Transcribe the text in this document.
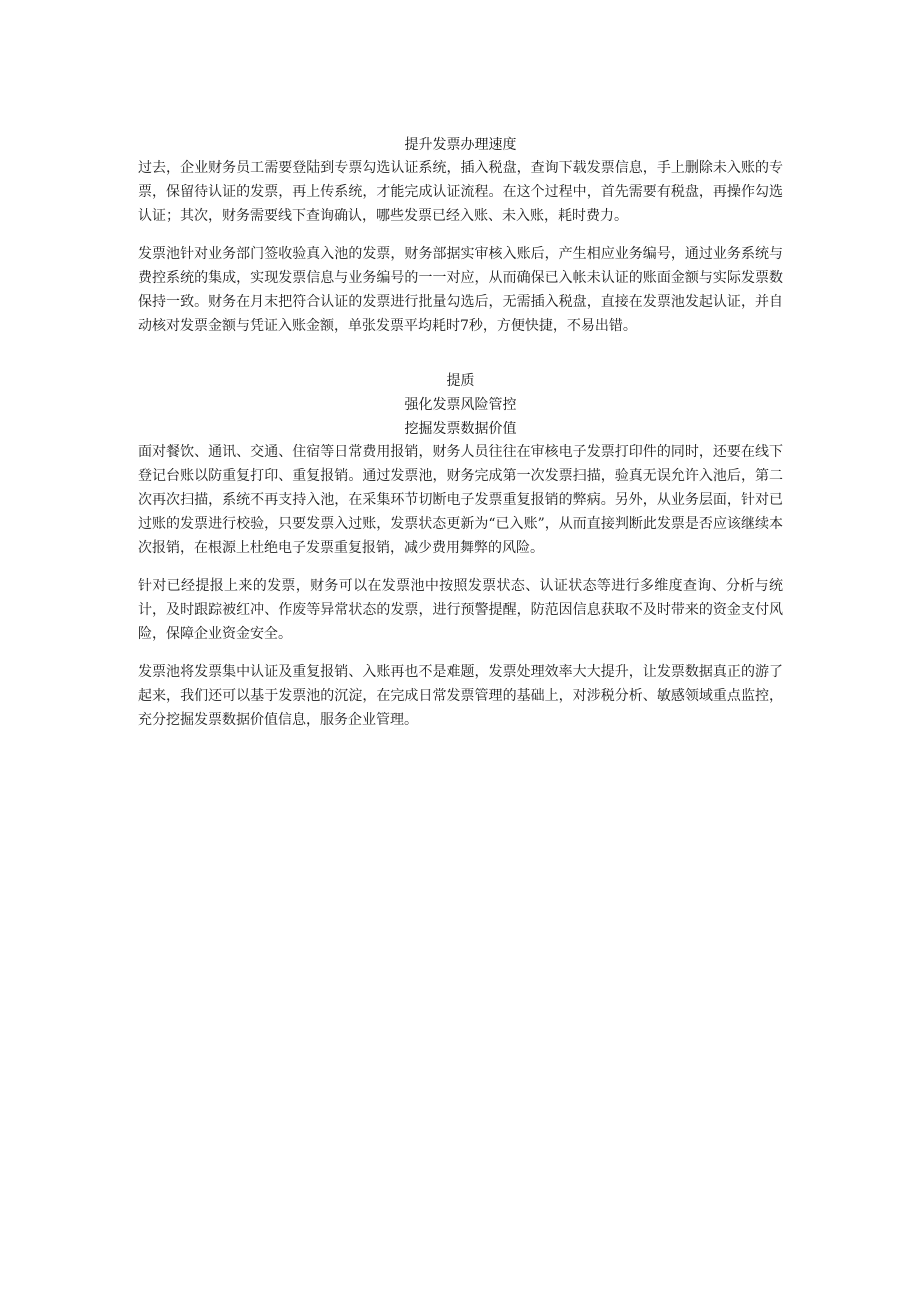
提升发票办理速度

过去，企业财务员工需要登陆到专票勾选认证系统，插入税盘，查询下载发票信息，手上删除未入账的专票，保留待认证的发票，再上传系统，才能完成认证流程。在这个过程中，首先需要有税盘，再操作勾选认证；其次，财务需要线下查询确认，哪些发票已经入账、未入账，耗时费力。

发票池针对业务部门签收验真入池的发票，财务部据实审核入账后，产生相应业务编号，通过业务系统与费控系统的集成，实现发票信息与业务编号的一一对应，从而确保已入帐未认证的账面金额与实际发票数保持一致。财务在月末把符合认证的发票进行批量勾选后，无需插入税盘，直接在发票池发起认证，并自动核对发票金额与凭证入账金额，单张发票平均耗时7秒，方便快捷，不易出错。

提质
强化发票风险管控
挖掘发票数据价值

面对餐饮、通讯、交通、住宿等日常费用报销，财务人员往往在审核电子发票打印件的同时，还要在线下登记台账以防重复打印、重复报销。通过发票池，财务完成第一次发票扫描，验真无误允许入池后，第二次再次扫描，系统不再支持入池，在采集环节切断电子发票重复报销的弊病。另外，从业务层面，针对已过账的发票进行校验，只要发票入过账，发票状态更新为“已入账”，从而直接判断此发票是否应该继续本次报销，在根源上杜绝电子发票重复报销，减少费用舞弊的风险。

针对已经提报上来的发票，财务可以在发票池中按照发票状态、认证状态等进行多维度查询、分析与统计，及时跟踪被红冲、作废等异常状态的发票，进行预警提醒，防范因信息获取不及时带来的资金支付风险，保障企业资金安全。

发票池将发票集中认证及重复报销、入账再也不是难题，发票处理效率大大提升，让发票数据真正的游了起来，我们还可以基于发票池的沉淀，在完成日常发票管理的基础上，对涉税分析、敏感领域重点监控，充分挖掘发票数据价值信息，服务企业管理。
